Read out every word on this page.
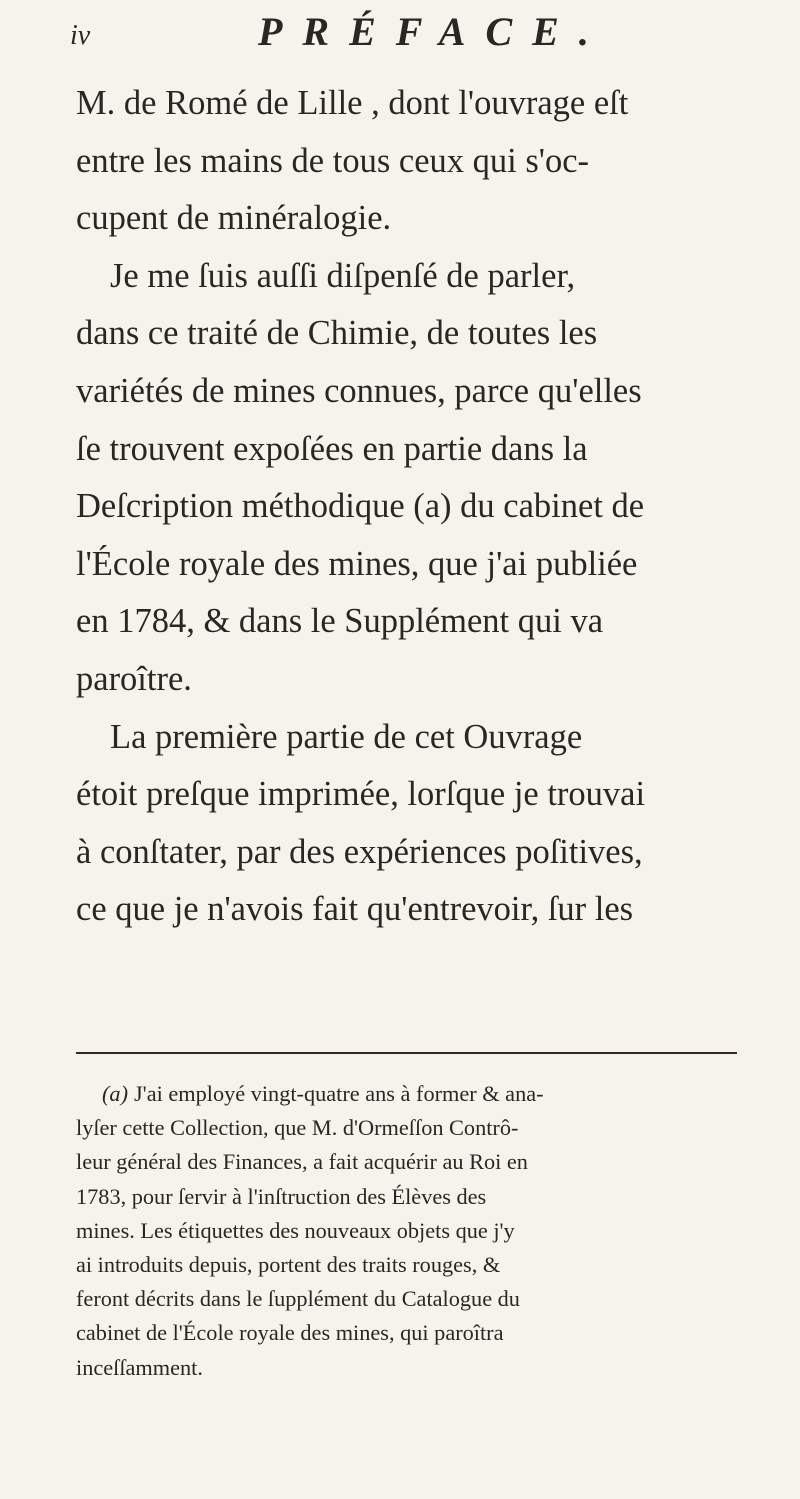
iv	PRÉFACE.

M. de Romé de Lille , dont l'ouvrage eſt

entre les mains de tous ceux qui s'oc-

cupent de minéralogie.

Je me ſuis auſſi diſpenſé de parler,

dans ce traité de Chimie, de toutes les

variétés de mines connues, parce qu'elles

ſe trouvent expoſées en partie dans la

Deſcription méthodique (a) du cabinet de

l'École royale des mines, que j'ai publiée

en 1784, & dans le Supplément qui va

paroître.

La première partie de cet Ouvrage

étoit preſque imprimée, lorſque je trouvai

à conſtater, par des expériences poſitives,

ce que je n'avois fait qu'entrevoir, ſur les

(a) J'ai employé vingt-quatre ans à former & ana-

lyſer cette Collection, que M. d'Ormeſſon Contrô-

leur général des Finances, a fait acquérir au Roi en

1783, pour ſervir à l'inſtruction des Élèves des

mines. Les étiquettes des nouveaux objets que j'y

ai introduits depuis, portent des traits rouges, &

feront décrits dans le ſupplément du Catalogue du

cabinet de l'École royale des mines, qui paroîtra

inceſſamment.
